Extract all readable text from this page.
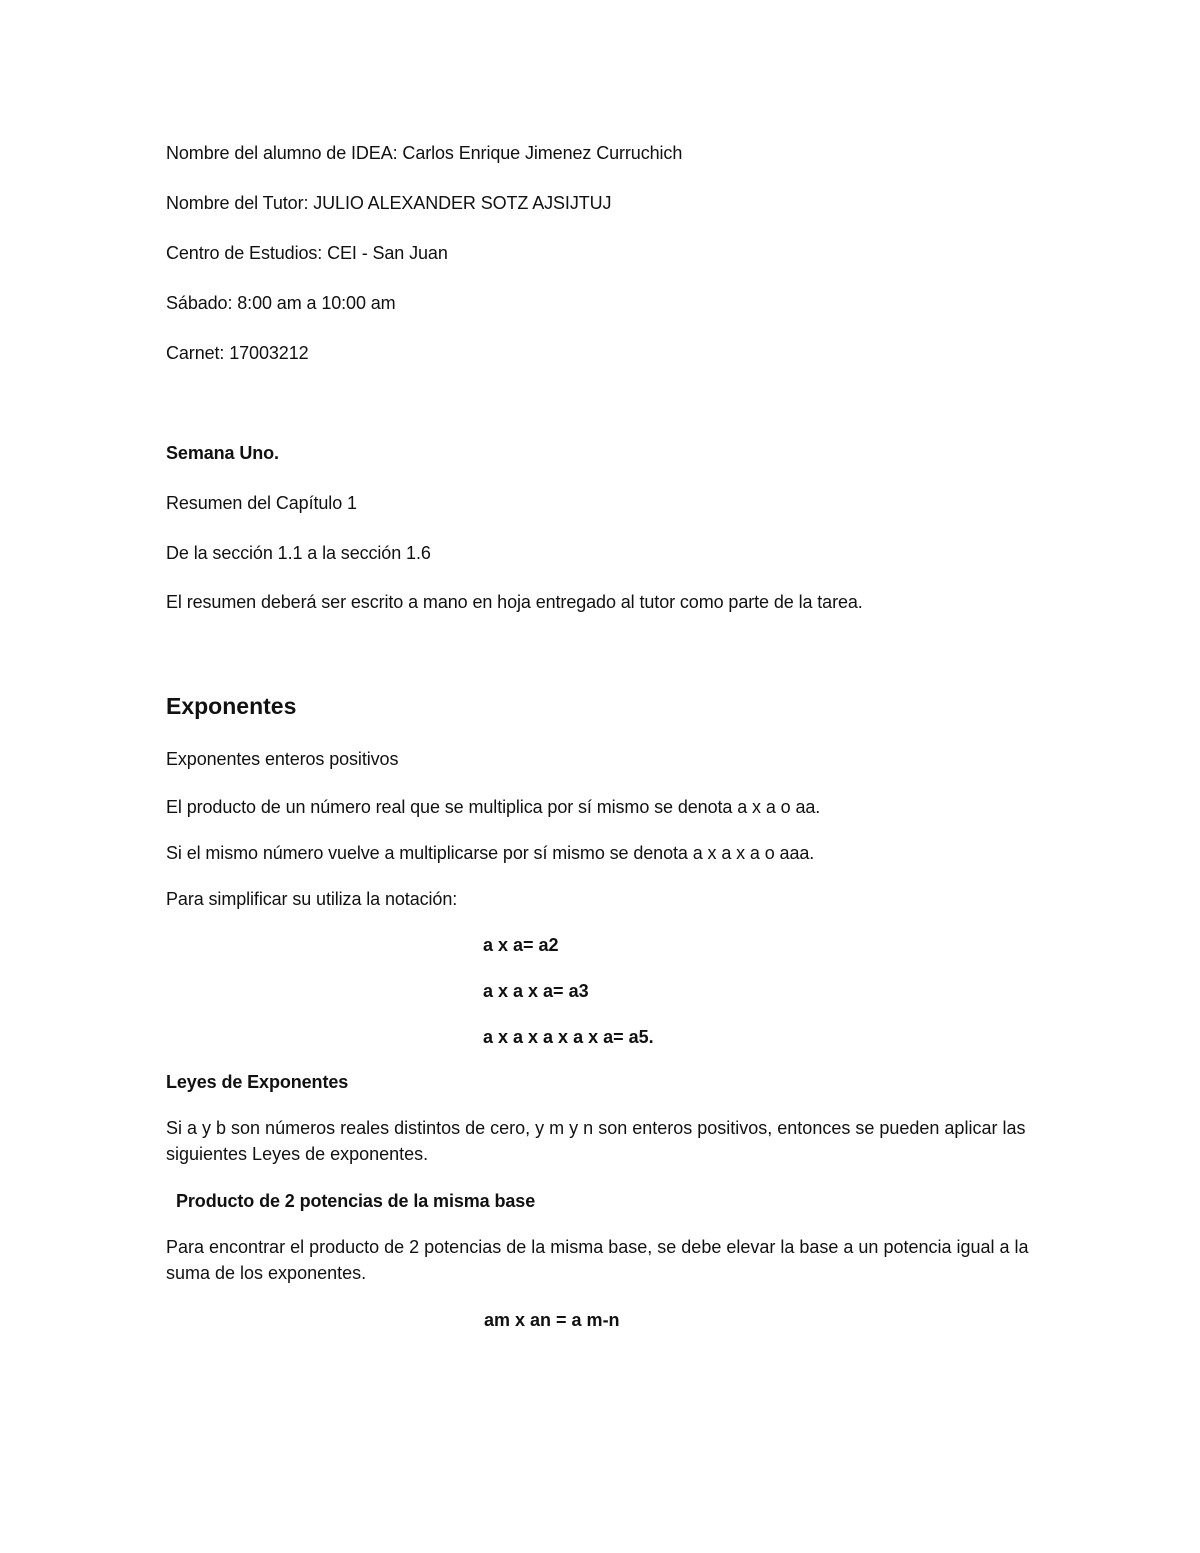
Nombre del alumno de IDEA: Carlos Enrique Jimenez Curruchich
Nombre del Tutor: JULIO ALEXANDER SOTZ AJSIJTUJ
Centro de Estudios: CEI - San Juan
Sábado: 8:00 am a 10:00 am
Carnet: 17003212
Semana Uno.
Resumen del Capítulo 1
De la sección 1.1 a la sección 1.6
El resumen deberá ser escrito a mano en hoja entregado al tutor como parte de la tarea.
Exponentes
Exponentes enteros positivos
El producto de un número real que se multiplica por sí mismo se denota a x a o aa.
Si el mismo número vuelve a multiplicarse por sí mismo se denota a x a x a o aaa.
Para simplificar su utiliza la notación:
a x a= a2
a x a x a= a3
a x a x a x a x a= a5.
Leyes de Exponentes
Si a y b son números reales distintos de cero, y m y n son enteros positivos, entonces se pueden aplicar las siguientes Leyes de exponentes.
Producto de 2 potencias de la misma base
Para encontrar el producto de 2 potencias de la misma base, se debe elevar la base a un potencia igual a la suma de los exponentes.
am x an = a m-n
